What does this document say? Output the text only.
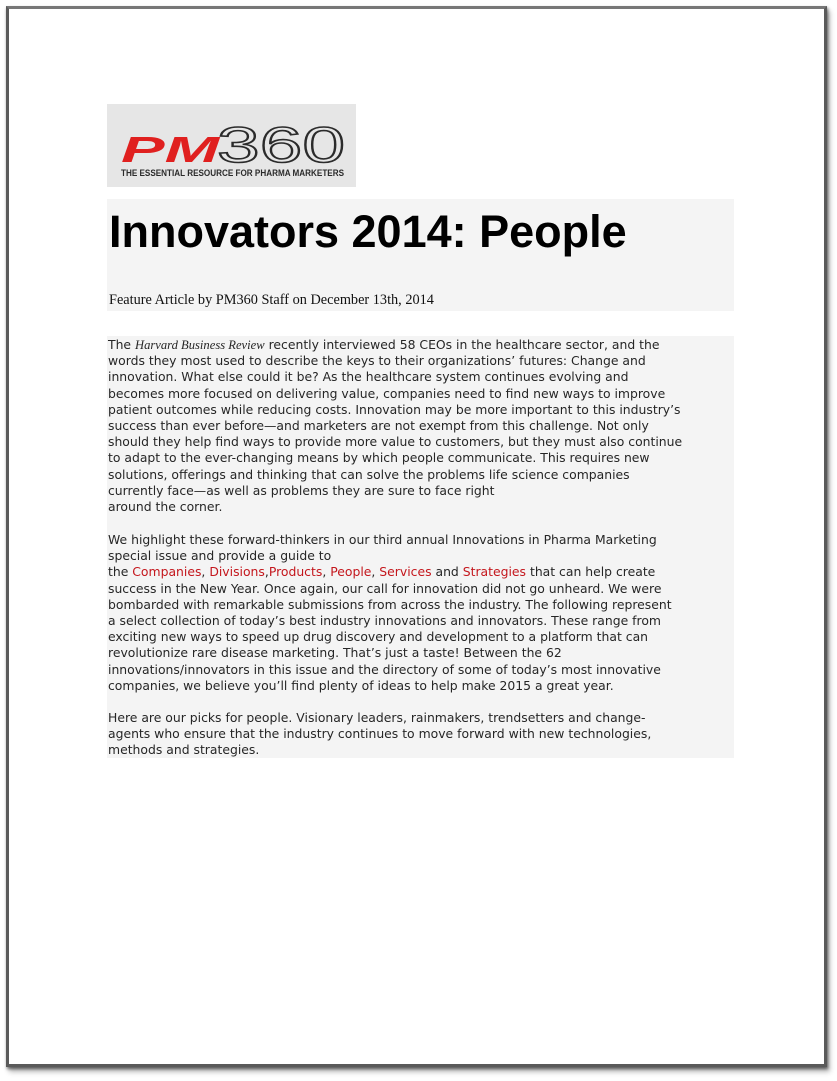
PM
360
THE ESSENTIAL RESOURCE FOR PHARMA MARKETERS
Innovators 2014: People

Feature Article by PM360 Staff on December 13th, 2014

The Harvard Business Review recently interviewed 58 CEOs in the healthcare sector, and the
words they most used to describe the keys to their organizations’ futures: Change and
innovation. What else could it be? As the healthcare system continues evolving and
becomes more focused on delivering value, companies need to find new ways to improve
patient outcomes while reducing costs. Innovation may be more important to this industry’s
success than ever before—and marketers are not exempt from this challenge. Not only
should they help find ways to provide more value to customers, but they must also continue
to adapt to the ever-changing means by which people communicate. This requires new
solutions, offerings and thinking that can solve the problems life science companies
currently face—as well as problems they are sure to face right
around the corner.

We highlight these forward-thinkers in our third annual Innovations in Pharma Marketing
special issue and provide a guide to
the Companies, Divisions,Products, People, Services and Strategies that can help create
success in the New Year. Once again, our call for innovation did not go unheard. We were
bombarded with remarkable submissions from across the industry. The following represent
a select collection of today’s best industry innovations and innovators. These range from
exciting new ways to speed up drug discovery and development to a platform that can
revolutionize rare disease marketing. That’s just a taste! Between the 62
innovations/innovators in this issue and the directory of some of today’s most innovative
companies, we believe you’ll find plenty of ideas to help make 2015 a great year.

Here are our picks for people. Visionary leaders, rainmakers, trendsetters and change-
agents who ensure that the industry continues to move forward with new technologies,
methods and strategies.
